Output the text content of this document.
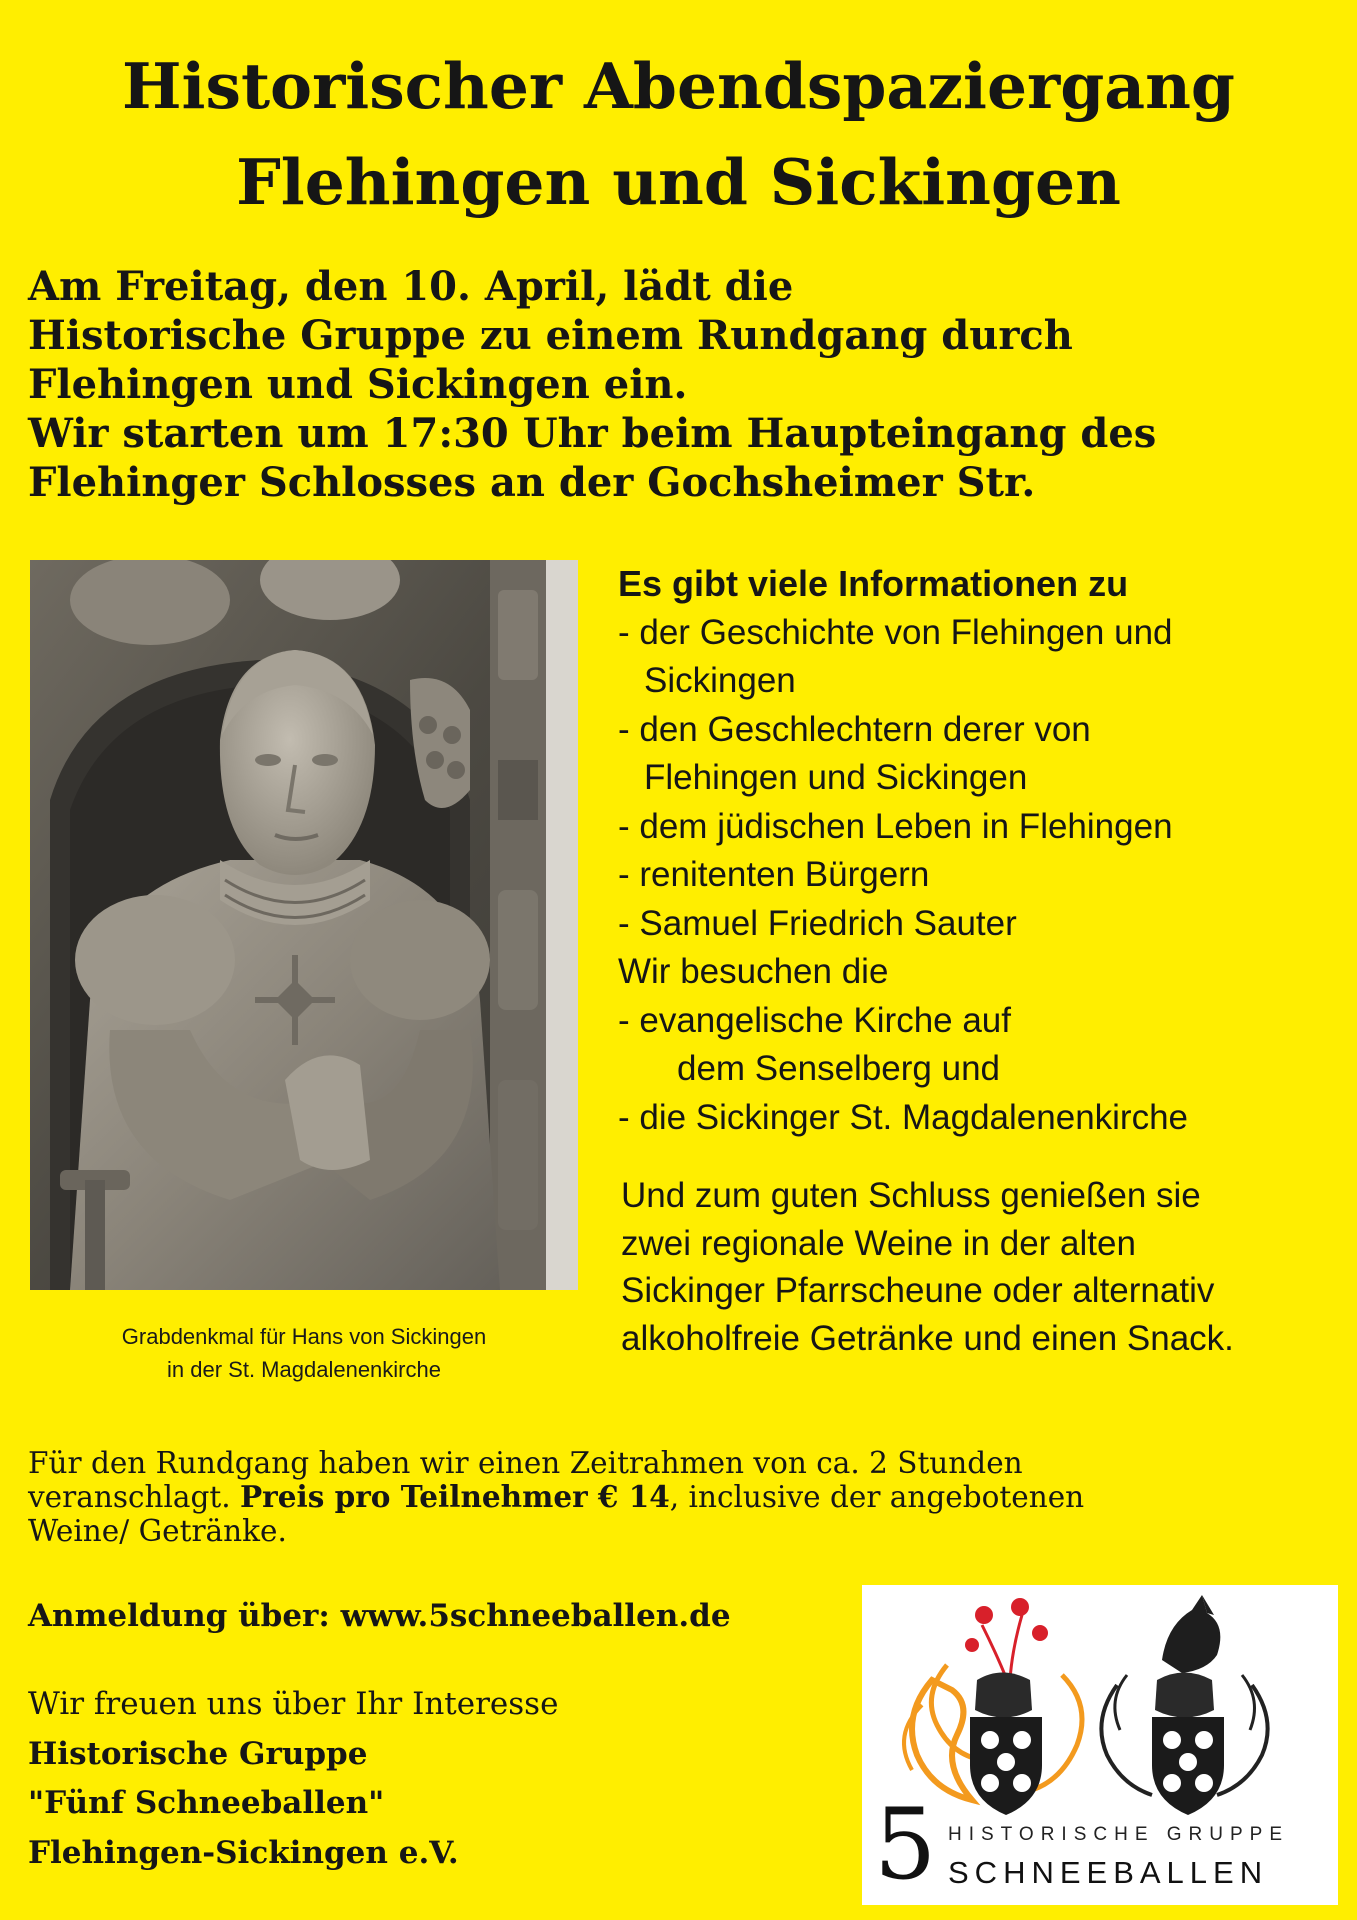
Historischer Abendspaziergang
Flehingen und Sickingen
Am Freitag, den 10. April, lädt die
Historische Gruppe zu einem Rundgang durch
Flehingen und Sickingen ein.
Wir starten um 17:30 Uhr beim Haupteingang des
Flehinger Schlosses an der Gochsheimer Str.
Grabdenkmal für Hans von Sickingen
in der St. Magdalenenkirche
Es gibt viele Informationen zu
- der Geschichte von Flehingen und
Sickingen
- den Geschlechtern derer von
Flehingen und Sickingen
- dem jüdischen Leben in Flehingen
- renitenten Bürgern
- Samuel Friedrich Sauter
Wir besuchen die
- evangelische Kirche auf
dem Senselberg und
- die Sickinger St. Magdalenenkirche
Und zum guten Schluss genießen sie
zwei regionale Weine in der alten
Sickinger Pfarrscheune oder alternativ
alkoholfreie Getränke und einen Snack.
Für den Rundgang haben wir einen Zeitrahmen von ca. 2 Stunden
veranschlagt. Preis pro Teilnehmer € 14, inclusive der angebotenen
Weine/ Getränke.
Anmeldung über: www.5schneeballen.de
Wir freuen uns über Ihr Interesse
Historische Gruppe
"Fünf Schneeballen"
Flehingen-Sickingen e.V.	5 HISTORISCHE GRUPPE
SCHNEEBALLEN
